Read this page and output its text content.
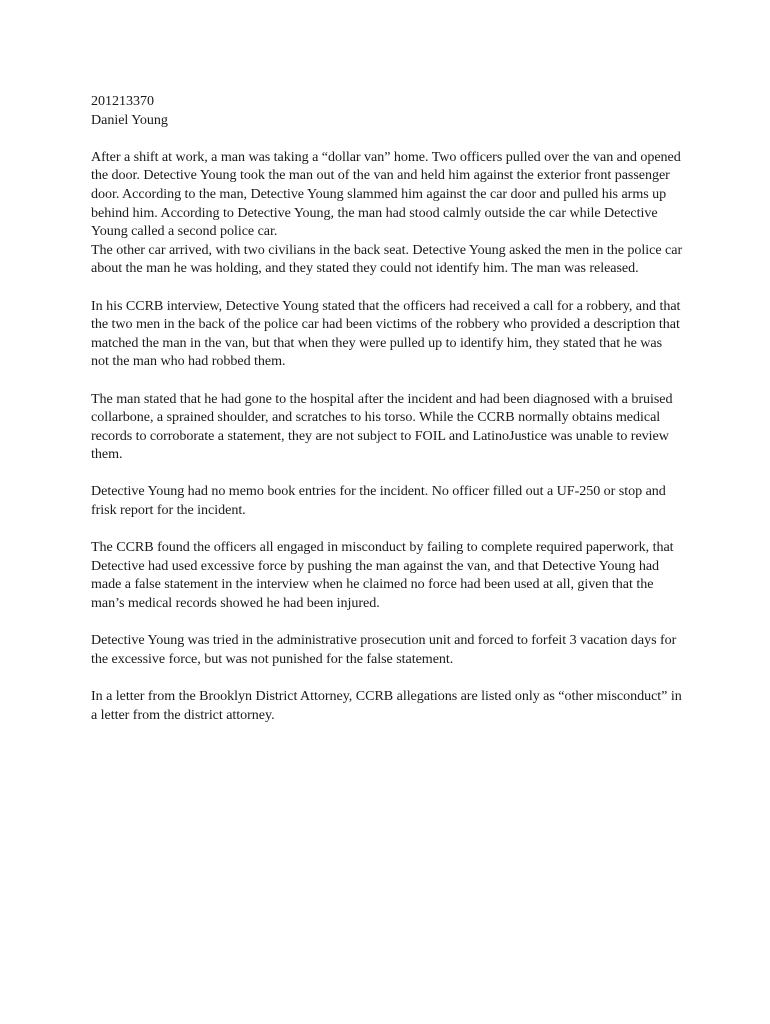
201213370

Daniel Young

After a shift at work, a man was taking a “dollar van” home. Two officers pulled over the van and opened the door. Detective Young took the man out of the van and held him against the exterior front passenger door. According to the man, Detective Young slammed him against the car door and pulled his arms up behind him. According to Detective Young, the man had stood calmly outside the car while Detective Young called a second police car.

The other car arrived, with two civilians in the back seat. Detective Young asked the men in the police car about the man he was holding, and they stated they could not identify him. The man was released.

In his CCRB interview, Detective Young stated that the officers had received a call for a robbery, and that the two men in the back of the police car had been victims of the robbery who provided a description that matched the man in the van, but that when they were pulled up to identify him, they stated that he was not the man who had robbed them.

The man stated that he had gone to the hospital after the incident and had been diagnosed with a bruised collarbone, a sprained shoulder, and scratches to his torso. While the CCRB normally obtains medical records to corroborate a statement, they are not subject to FOIL and LatinoJustice was unable to review them.

Detective Young had no memo book entries for the incident. No officer filled out a UF-250 or stop and frisk report for the incident.

The CCRB found the officers all engaged in misconduct by failing to complete required paperwork, that Detective had used excessive force by pushing the man against the van, and that Detective Young had made a false statement in the interview when he claimed no force had been used at all, given that the man’s medical records showed he had been injured.

Detective Young was tried in the administrative prosecution unit and forced to forfeit 3 vacation days for the excessive force, but was not punished for the false statement.

In a letter from the Brooklyn District Attorney, CCRB allegations are listed only as “other misconduct” in a letter from the district attorney.
